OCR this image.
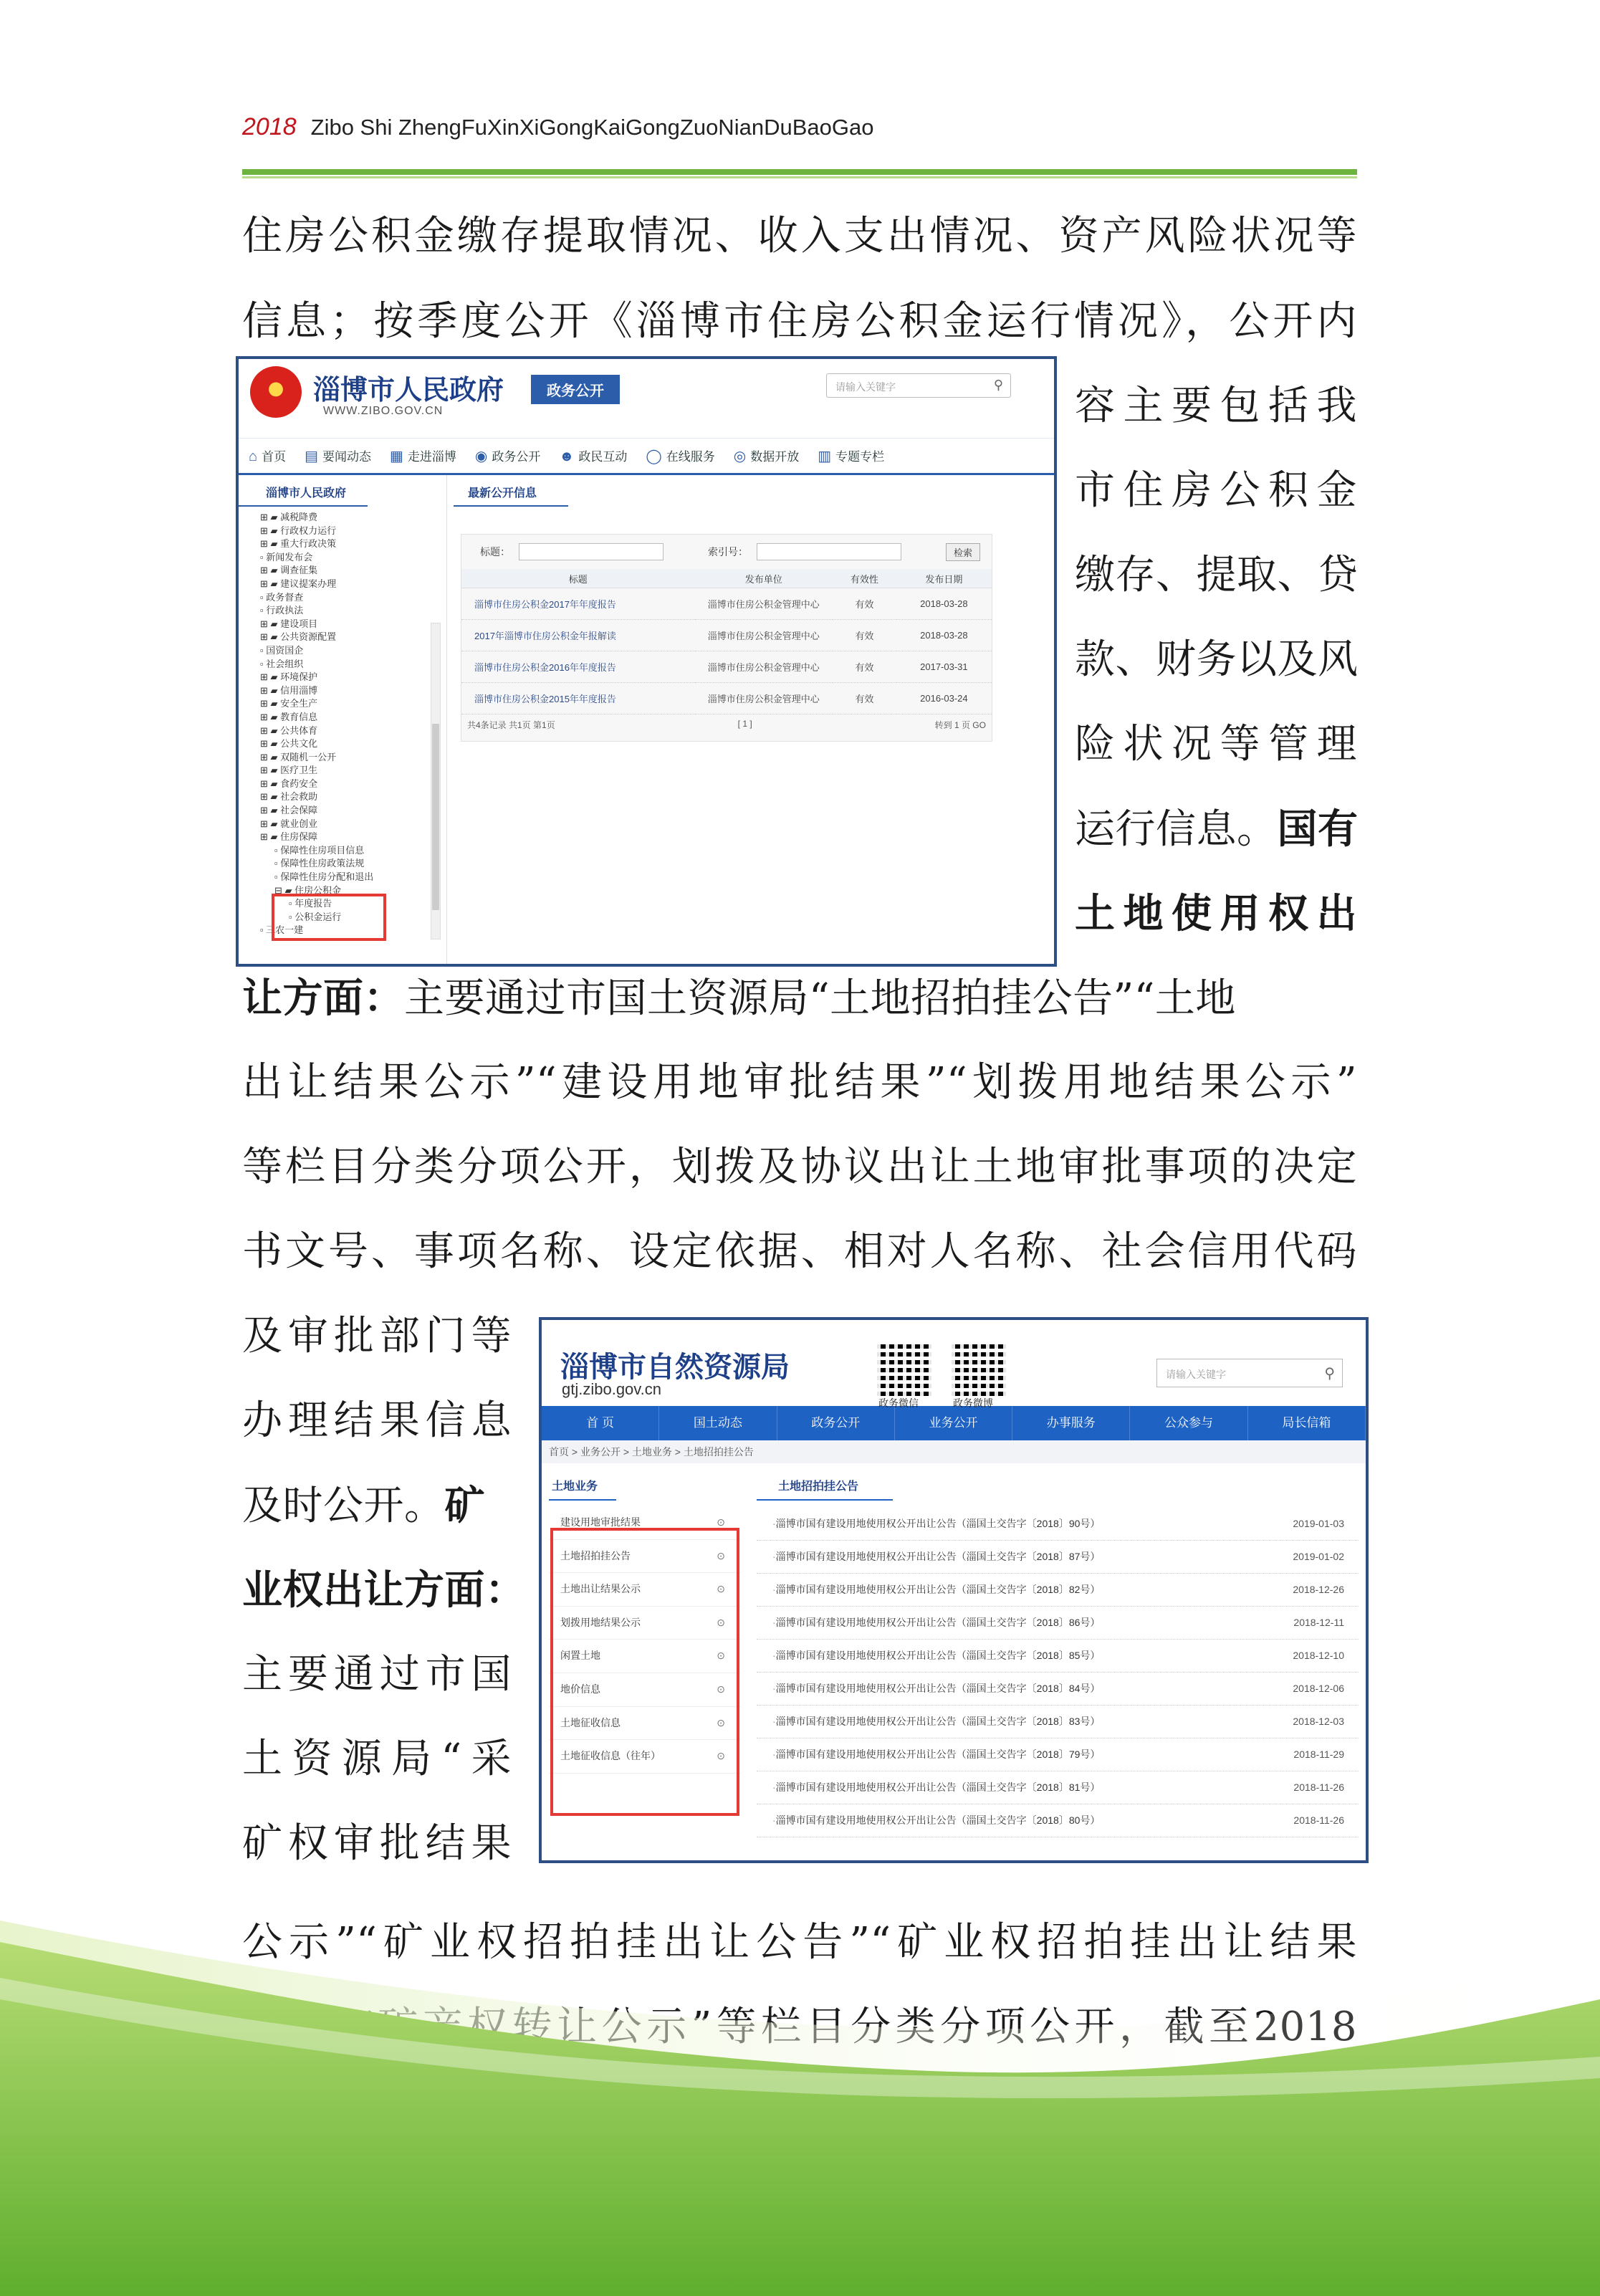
2018 Zibo Shi ZhengFuXinXiGongKaiGongZuoNianDuBaoGao
住房公积金缴存提取情况、收入支出情况、资产风险状况等
信息；按季度公开《淄博市住房公积金运行情况》，公开内
容主要包括我
市住房公积金
缴存、提取、贷
款、财务以及风
险状况等管理
运行信息。国有
土地使用权出
让方面：主要通过市国土资源局“土地招拍挂公告”“土地
出让结果公示”“建设用地审批结果”“划拨用地结果公示”
等栏目分类分项公开，划拨及协议出让土地审批事项的决定
书文号、事项名称、设定依据、相对人名称、社会信用代码
及审批部门等
办理结果信息
及时公开。矿
业权出让方面：
主要通过市国
土资源局“采
矿权审批结果
公示”“矿业权招拍挂出让公告”“矿业权招拍挂出让结果
淄博市人民政府
WWW.ZIBO.GOV.CN
政务公开	请输入关键字	⚲
⌂ 首页 ▤ 要闻动态 ▦ 走进淄博 ◉ 政务公开 ☻ 政民互动 ◯ 在线服务 ◎ 数据开放 ▥ 专题专栏
淄博市人民政府
⊞ ▰ 减税降费
⊞ ▰ 行政权力运行
⊞ ▰ 重大行政决策
▫ 新闻发布会
⊞ ▰ 调查征集
⊞ ▰ 建议提案办理
▫ 政务督查
▫ 行政执法
⊞ ▰ 建设项目
⊞ ▰ 公共资源配置
▫ 国资国企
▫ 社会组织
⊞ ▰ 环境保护
⊞ ▰ 信用淄博
⊞ ▰ 安全生产
⊞ ▰ 教育信息
⊞ ▰ 公共体育
⊞ ▰ 公共文化
⊞ ▰ 双随机一公开
⊞ ▰ 医疗卫生
⊞ ▰ 食药安全
⊞ ▰ 社会救助
⊞ ▰ 社会保障
⊞ ▰ 就业创业
⊞ ▰ 住房保障
▫ 保障性住房项目信息
▫ 保障性住房政策法规
▫ 保障性住房分配和退出
⊟ ▰ 住房公积金
▫ 年度报告
▫ 公积金运行
▫ 三农一建
最新公开信息
标题：	索引号：	检索
标题	发布单位	有效性	发布日期
淄博市住房公积金2017年年度报告	淄博市住房公积金管理中心	有效	2018-03-28
2017年淄博市住房公积金年报解读	淄博市住房公积金管理中心	有效	2018-03-28
淄博市住房公积金2016年年度报告	淄博市住房公积金管理中心	有效	2017-03-31
淄博市住房公积金2015年年度报告	淄博市住房公积金管理中心	有效	2016-03-24
共4条记录 共1页 第1页	[ 1 ]	转到 1 页 GO
淄博市自然资源局
gtj.zibo.gov.cn
政务微信	政务微博
请输入关键字	⚲
首 页	国土动态	政务公开	业务公开	办事服务	公众参与	局长信箱
首页 > 业务公开 > 土地业务 > 土地招拍挂公告
土地业务
建设用地审批结果	⊙
土地招拍挂公告	⊙
土地出让结果公示	⊙
划拨用地结果公示	⊙
闲置土地	⊙
地价信息	⊙
土地征收信息	⊙
土地征收信息（往年）	⊙
土地招拍挂公告
· 淄博市国有建设用地使用权公开出让公告（淄国土交告字〔2018〕90号）	2019-01-03
· 淄博市国有建设用地使用权公开出让公告（淄国土交告字〔2018〕87号）	2019-01-02
· 淄博市国有建设用地使用权公开出让公告（淄国土交告字〔2018〕82号）	2018-12-26
· 淄博市国有建设用地使用权公开出让公告（淄国土交告字〔2018〕86号）	2018-12-11
· 淄博市国有建设用地使用权公开出让公告（淄国土交告字〔2018〕85号）	2018-12-10
· 淄博市国有建设用地使用权公开出让公告（淄国土交告字〔2018〕84号）	2018-12-06
· 淄博市国有建设用地使用权公开出让公告（淄国土交告字〔2018〕83号）	2018-12-03
· 淄博市国有建设用地使用权公开出让公告（淄国土交告字〔2018〕79号）	2018-11-29
· 淄博市国有建设用地使用权公开出让公告（淄国土交告字〔2018〕81号）	2018-11-26
· 淄博市国有建设用地使用权公开出让公告（淄国土交告字〔2018〕80号）	2018-11-26
